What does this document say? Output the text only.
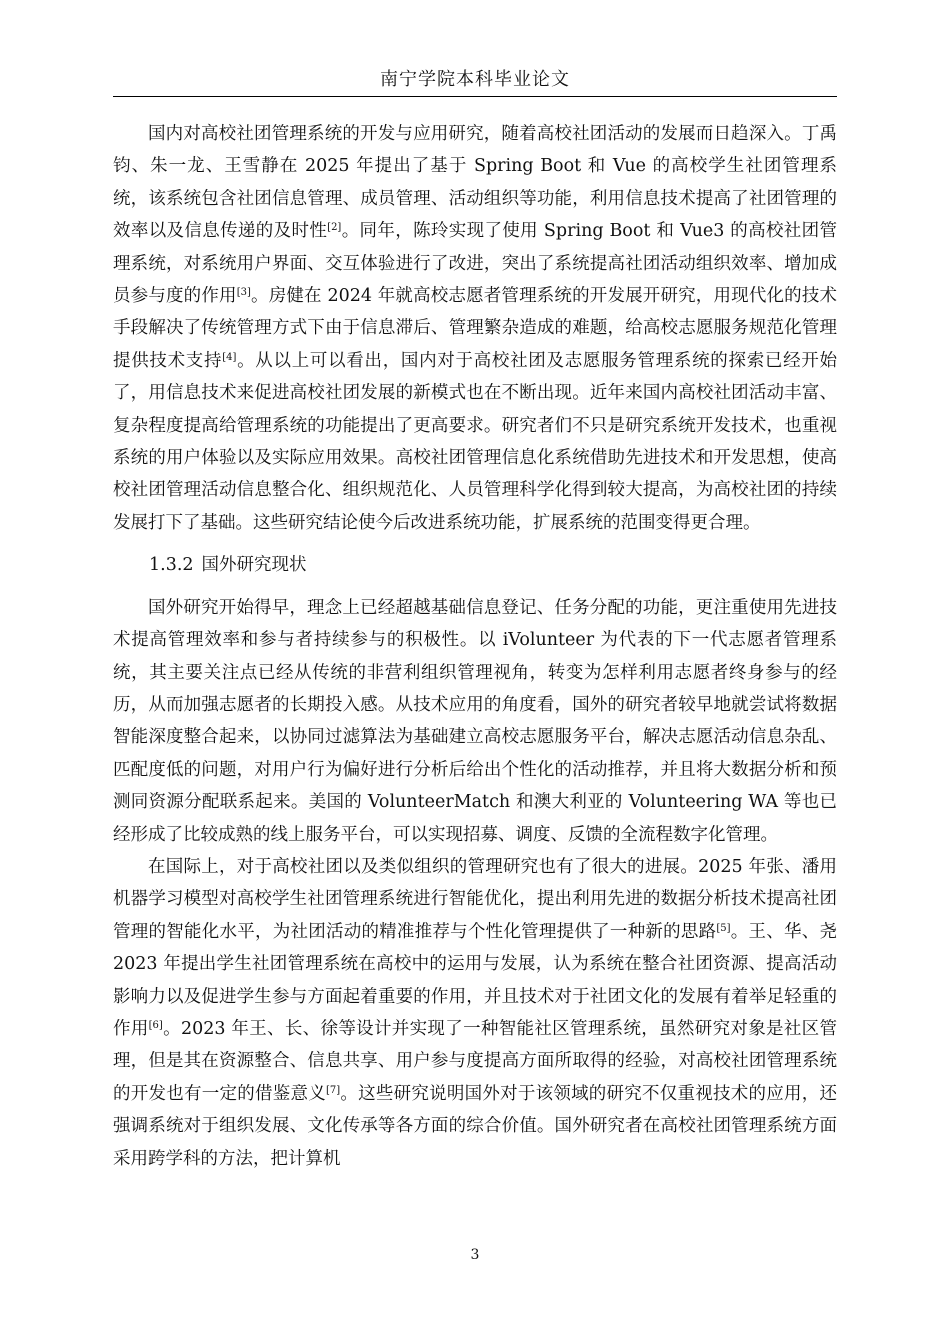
南宁学院本科毕业论文

国内对高校社团管理系统的开发与应用研究，随着高校社团活动的发展而日趋深入。丁禹钧、朱一龙、王雪静在 2025 年提出了基于 Spring Boot 和 Vue 的高校学生社团管理系统，该系统包含社团信息管理、成员管理、活动组织等功能，利用信息技术提高了社团管理的效率以及信息传递的及时性[2]。同年，陈玲实现了使用 Spring Boot 和 Vue3 的高校社团管理系统，对系统用户界面、交互体验进行了改进，突出了系统提高社团活动组织效率、增加成员参与度的作用[3]。房健在 2024 年就高校志愿者管理系统的开发展开研究，用现代化的技术手段解决了传统管理方式下由于信息滞后、管理繁杂造成的难题，给高校志愿服务规范化管理提供技术支持[4]。从以上可以看出，国内对于高校社团及志愿服务管理系统的探索已经开始了，用信息技术来促进高校社团发展的新模式也在不断出现。近年来国内高校社团活动丰富、复杂程度提高给管理系统的功能提出了更高要求。研究者们不只是研究系统开发技术，也重视系统的用户体验以及实际应用效果。高校社团管理信息化系统借助先进技术和开发思想，使高校社团管理活动信息整合化、组织规范化、人员管理科学化得到较大提高，为高校社团的持续发展打下了基础。这些研究结论使今后改进系统功能，扩展系统的范围变得更合理。

1.3.2 国外研究现状

国外研究开始得早，理念上已经超越基础信息登记、任务分配的功能，更注重使用先进技术提高管理效率和参与者持续参与的积极性。以 iVolunteer 为代表的下一代志愿者管理系统，其主要关注点已经从传统的非营利组织管理视角，转变为怎样利用志愿者终身参与的经历，从而加强志愿者的长期投入感。从技术应用的角度看，国外的研究者较早地就尝试将数据智能深度整合起来，以协同过滤算法为基础建立高校志愿服务平台，解决志愿活动信息杂乱、匹配度低的问题，对用户行为偏好进行分析后给出个性化的活动推荐，并且将大数据分析和预测同资源分配联系起来。美国的 VolunteerMatch 和澳大利亚的 Volunteering WA 等也已经形成了比较成熟的线上服务平台，可以实现招募、调度、反馈的全流程数字化管理。

在国际上，对于高校社团以及类似组织的管理研究也有了很大的进展。2025 年张、潘用机器学习模型对高校学生社团管理系统进行智能优化，提出利用先进的数据分析技术提高社团管理的智能化水平，为社团活动的精准推荐与个性化管理提供了一种新的思路[5]。王、华、尧 2023 年提出学生社团管理系统在高校中的运用与发展，认为系统在整合社团资源、提高活动影响力以及促进学生参与方面起着重要的作用，并且技术对于社团文化的发展有着举足轻重的作用[6]。2023 年王、长、徐等设计并实现了一种智能社区管理系统，虽然研究对象是社区管理，但是其在资源整合、信息共享、用户参与度提高方面所取得的经验，对高校社团管理系统的开发也有一定的借鉴意义[7]。这些研究说明国外对于该领域的研究不仅重视技术的应用，还强调系统对于组织发展、文化传承等各方面的综合价值。国外研究者在高校社团管理系统方面采用跨学科的方法，把计算机

3
